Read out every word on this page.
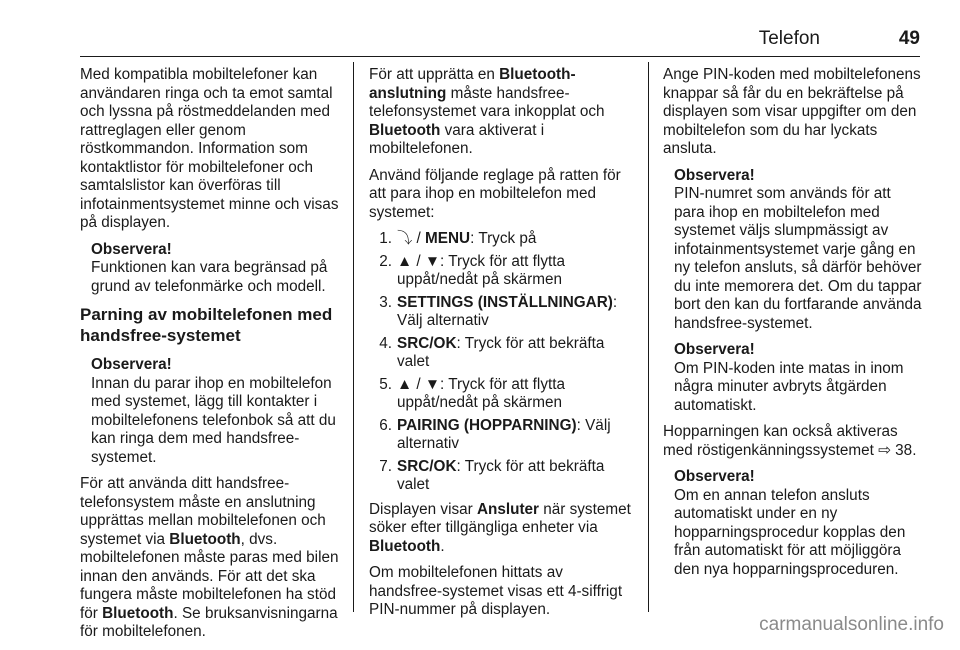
Telefon	49

Med kompatibla mobiltelefoner kan användaren ringa och ta emot samtal och lyssna på röstmeddelanden med rattreglagen eller genom röstkommandon. Information som kontaktlistor för mobiltelefoner och samtalslistor kan överföras till infotainmentsystemet minne och visas på displayen.

Observera!
Funktionen kan vara begränsad på grund av telefonmärke och modell.
Parning av mobiltelefonen med handsfree-systemet
Observera!
Innan du parar ihop en mobiltelefon med systemet, lägg till kontakter i mobiltelefonens telefonbok så att du kan ringa dem med handsfree-systemet.

För att använda ditt handsfree-telefonsystem måste en anslutning upprättas mellan mobiltelefonen och systemet via Bluetooth, dvs. mobiltelefonen måste paras med bilen innan den används. För att det ska fungera måste mobiltelefonen ha stöd för Bluetooth. Se bruksanvisningarna för mobiltelefonen.

För att upprätta en Bluetooth-anslutning måste handsfree-telefonsystemet vara inkopplat och Bluetooth vara aktiverat i mobiltelefonen.

Använd följande reglage på ratten för att para ihop en mobiltelefon med systemet:

1. ⤵ / MENU: Tryck på
2. ▲ / ▼: Tryck för att flytta uppåt/nedåt på skärmen
3. SETTINGS (INSTÄLLNINGAR): Välj alternativ
4. SRC/OK: Tryck för att bekräfta valet
5. ▲ / ▼: Tryck för att flytta uppåt/nedåt på skärmen
6. PAIRING (HOPPARNING): Välj alternativ
7. SRC/OK: Tryck för att bekräfta valet

Displayen visar Ansluter när systemet söker efter tillgängliga enheter via Bluetooth.

Om mobiltelefonen hittats av handsfree-systemet visas ett 4-siffrigt PIN-nummer på displayen.

Ange PIN-koden med mobiltelefonens knappar så får du en bekräftelse på displayen som visar uppgifter om den mobiltelefon som du har lyckats ansluta.

Observera!
PIN-numret som används för att para ihop en mobiltelefon med systemet väljs slumpmässigt av infotainmentsystemet varje gång en ny telefon ansluts, så därför behöver du inte memorera det. Om du tappar bort den kan du fortfarande använda handsfree-systemet.
Observera!
Om PIN-koden inte matas in inom några minuter avbryts åtgärden automatiskt.

Hopparningen kan också aktiveras med röstigenkänningssystemet ⇨ 38.

Observera!
Om en annan telefon ansluts automatiskt under en ny hopparningsprocedur kopplas den från automatiskt för att möjliggöra den nya hopparningsproceduren.
carmanualsonline.info
